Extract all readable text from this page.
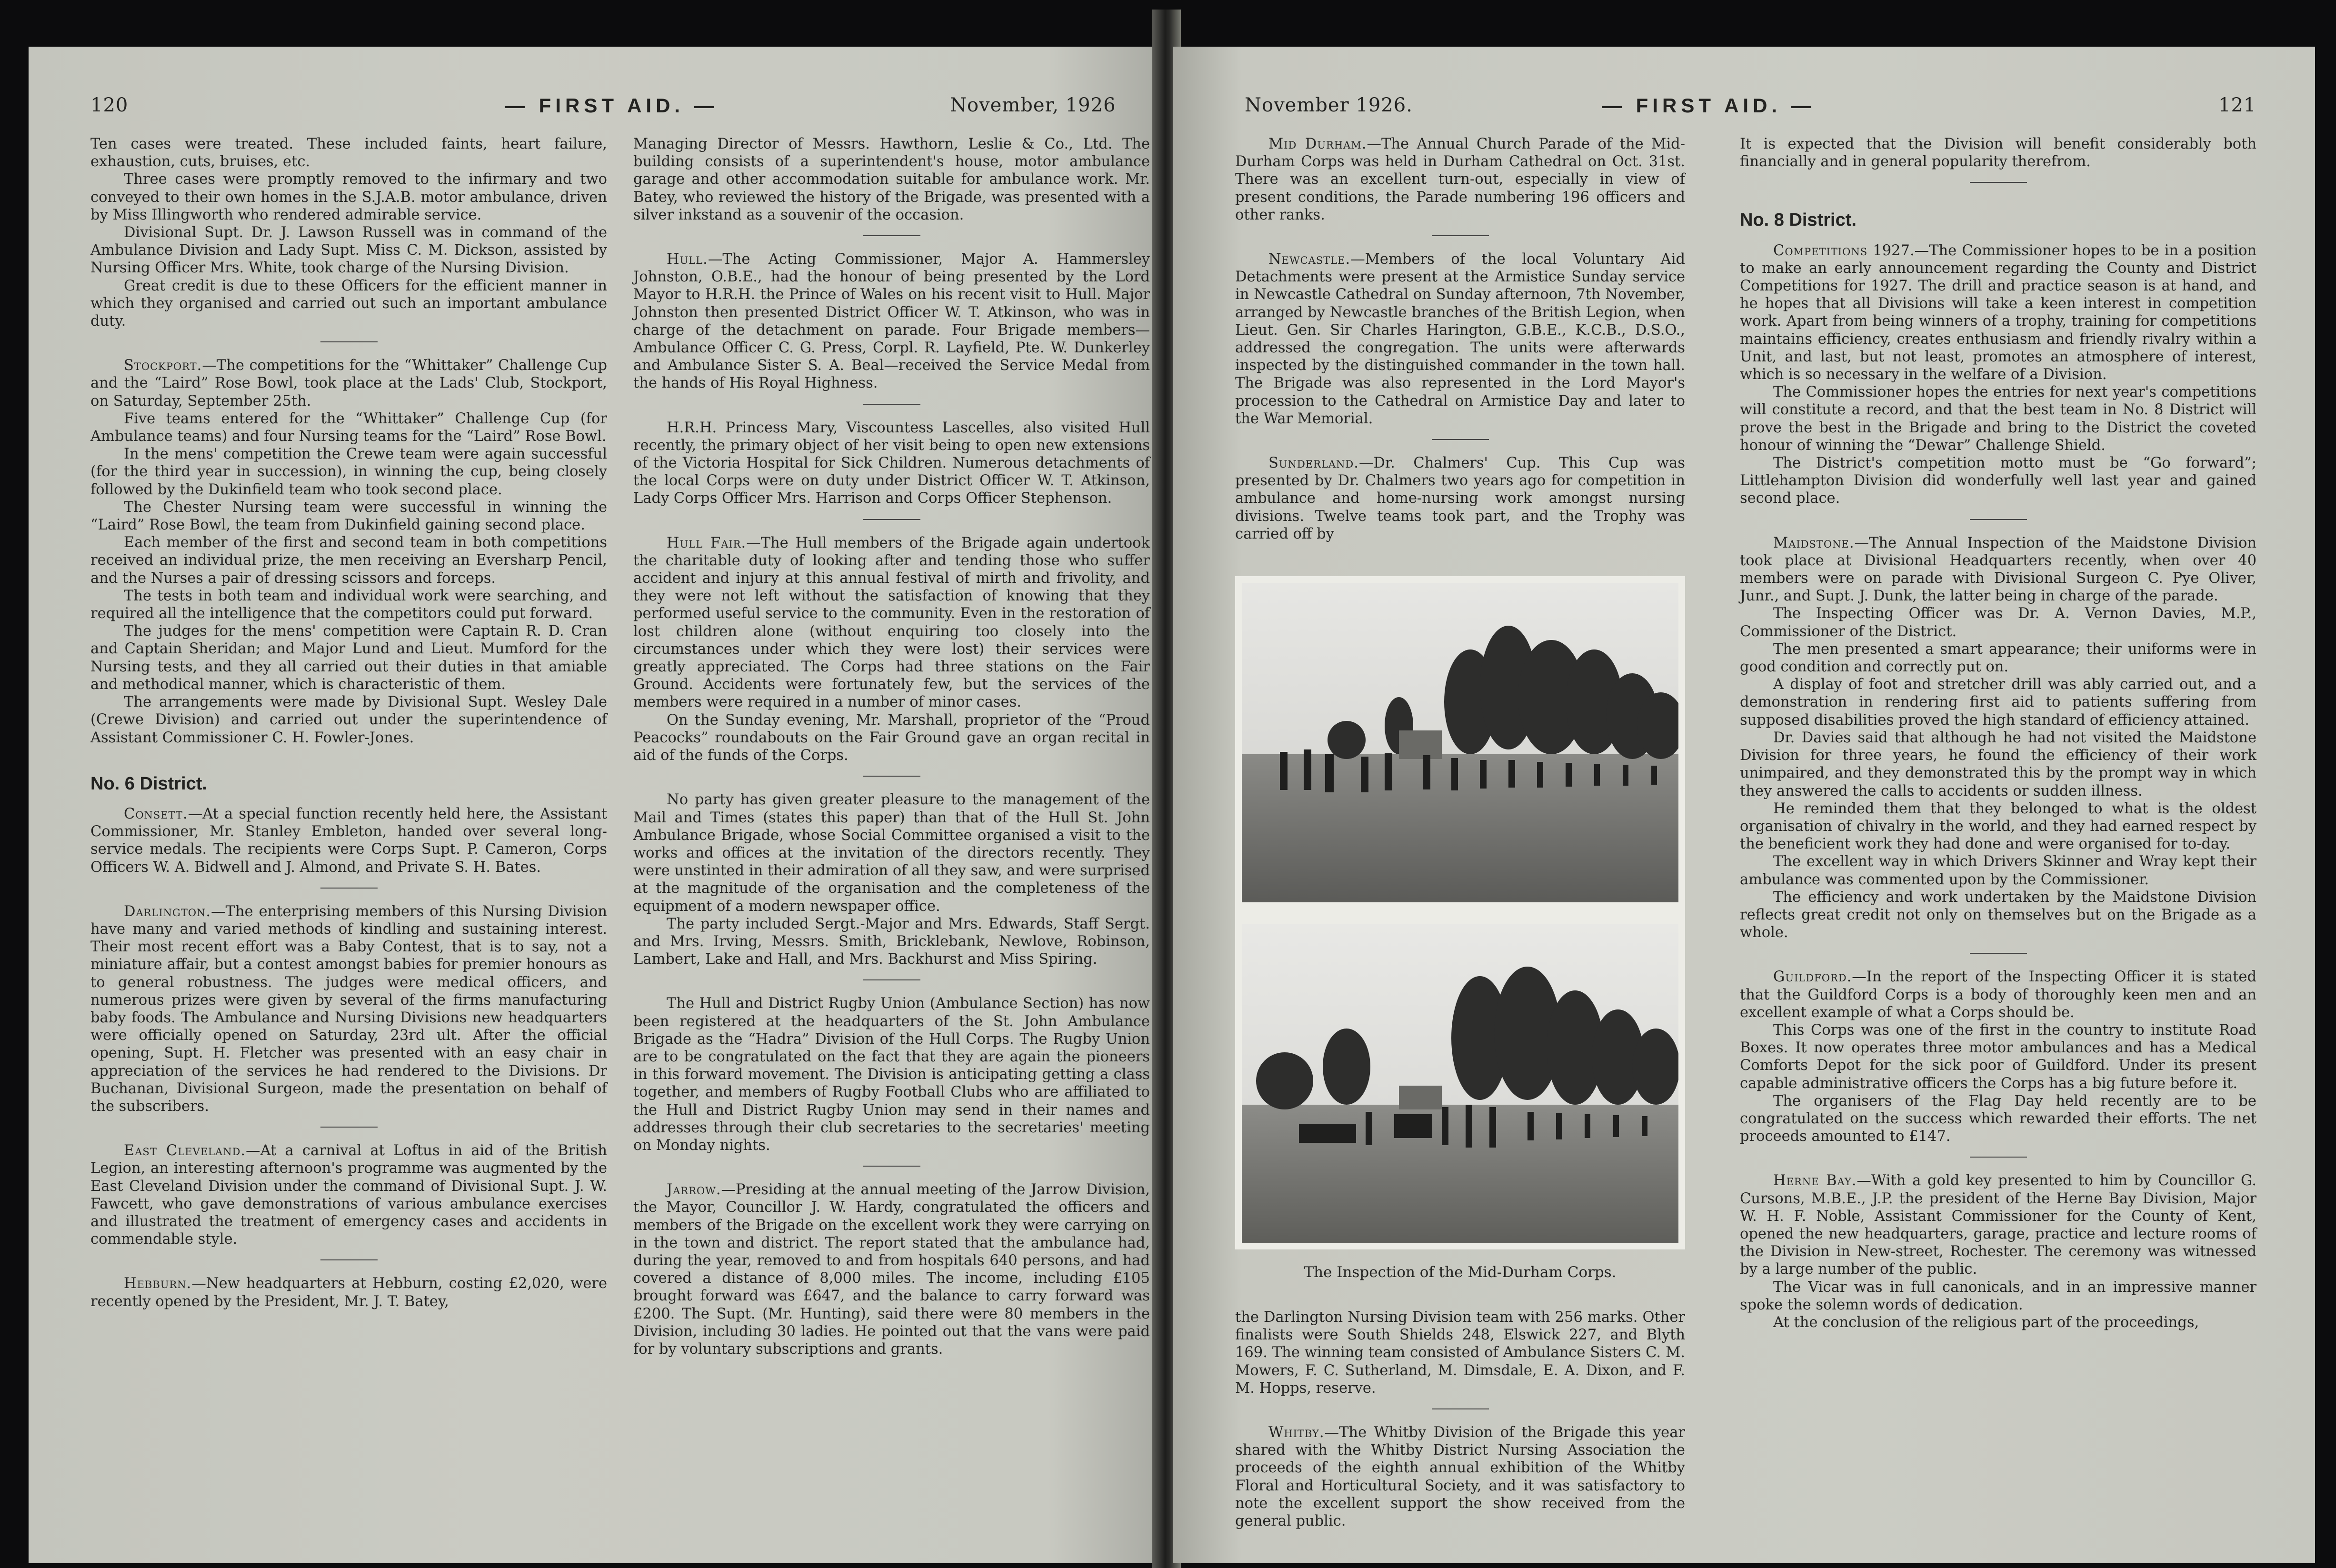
120	— FIRST AID. —	November, 1926

Ten cases were treated. These included faints, heart failure, exhaustion, cuts, bruises, etc.

Three cases were promptly removed to the infirmary and two conveyed to their own homes in the S.J.A.B. motor ambulance, driven by Miss Illingworth who rendered admirable service.

Divisional Supt. Dr. J. Lawson Russell was in command of the Ambulance Division and Lady Supt. Miss C. M. Dickson, assisted by Nursing Officer Mrs. White, took charge of the Nursing Division.

Great credit is due to these Officers for the efficient manner in which they organised and carried out such an important ambulance duty.

Stockport.—The competitions for the “Whittaker” Challenge Cup and the “Laird” Rose Bowl, took place at the Lads' Club, Stockport, on Saturday, September 25th.

Five teams entered for the “Whittaker” Challenge Cup (for Ambulance teams) and four Nursing teams for the “Laird” Rose Bowl.

In the mens' competition the Crewe team were again successful (for the third year in succession), in winning the cup, being closely followed by the Dukinfield team who took second place.

The Chester Nursing team were successful in winning the “Laird” Rose Bowl, the team from Dukinfield gaining second place.

Each member of the first and second team in both competitions received an individual prize, the men receiving an Eversharp Pencil, and the Nurses a pair of dressing scissors and forceps.

The tests in both team and individual work were searching, and required all the intelligence that the competitors could put forward.

The judges for the mens' competition were Captain R. D. Cran and Captain Sheridan; and Major Lund and Lieut. Mumford for the Nursing tests, and they all carried out their duties in that amiable and methodical manner, which is characteristic of them.

The arrangements were made by Divisional Supt. Wesley Dale (Crewe Division) and carried out under the superintendence of Assistant Commissioner C. H. Fowler-Jones.

No. 6 District.

Consett.—At a special function recently held here, the Assistant Commissioner, Mr. Stanley Embleton, handed over several long-service medals. The recipients were Corps Supt. P. Cameron, Corps Officers W. A. Bidwell and J. Almond, and Private S. H. Bates.

Darlington.—The enterprising members of this Nursing Division have many and varied methods of kindling and sustaining interest. Their most recent effort was a Baby Contest, that is to say, not a miniature affair, but a contest amongst babies for premier honours as to general robustness. The judges were medical officers, and numerous prizes were given by several of the firms manufacturing baby foods. The Ambulance and Nursing Divisions new headquarters were officially opened on Saturday, 23rd ult. After the official opening, Supt. H. Fletcher was presented with an easy chair in appreciation of the services he had rendered to the Divisions. Dr Buchanan, Divisional Surgeon, made the presentation on behalf of the subscribers.

East Cleveland.—At a carnival at Loftus in aid of the British Legion, an interesting afternoon's programme was augmented by the East Cleveland Division under the command of Divisional Supt. J. W. Fawcett, who gave demonstrations of various ambulance exercises and illustrated the treatment of emergency cases and accidents in commendable style.

Hebburn.—New headquarters at Hebburn, costing £2,020, were recently opened by the President, Mr. J. T. Batey,

Managing Director of Messrs. Hawthorn, Leslie & Co., Ltd. The building consists of a superintendent's house, motor ambulance garage and other accommodation suitable for ambulance work. Mr. Batey, who reviewed the history of the Brigade, was presented with a silver inkstand as a souvenir of the occasion.

Hull.—The Acting Commissioner, Major A. Hammersley Johnston, O.B.E., had the honour of being presented by the Lord Mayor to H.R.H. the Prince of Wales on his recent visit to Hull. Major Johnston then presented District Officer W. T. Atkinson, who was in charge of the detachment on parade. Four Brigade members—Ambulance Officer C. G. Press, Corpl. R. Layfield, Pte. W. Dunkerley and Ambulance Sister S. A. Beal—received the Service Medal from the hands of His Royal Highness.

H.R.H. Princess Mary, Viscountess Lascelles, also visited Hull recently, the primary object of her visit being to open new extensions of the Victoria Hospital for Sick Children. Numerous detachments of the local Corps were on duty under District Officer W. T. Atkinson, Lady Corps Officer Mrs. Harrison and Corps Officer Stephenson.

Hull Fair.—The Hull members of the Brigade again undertook the charitable duty of looking after and tending those who suffer accident and injury at this annual festival of mirth and frivolity, and they were not left without the satisfaction of knowing that they performed useful service to the community. Even in the restoration of lost children alone (without enquiring too closely into the circumstances under which they were lost) their services were greatly appreciated. The Corps had three stations on the Fair Ground. Accidents were fortunately few, but the services of the members were required in a number of minor cases.

On the Sunday evening, Mr. Marshall, proprietor of the “Proud Peacocks” roundabouts on the Fair Ground gave an organ recital in aid of the funds of the Corps.

No party has given greater pleasure to the management of the Mail and Times (states this paper) than that of the Hull St. John Ambulance Brigade, whose Social Committee organised a visit to the works and offices at the invitation of the directors recently. They were unstinted in their admiration of all they saw, and were surprised at the magnitude of the organisation and the completeness of the equipment of a modern newspaper office.

The party included Sergt.-Major and Mrs. Edwards, Staff Sergt. and Mrs. Irving, Messrs. Smith, Bricklebank, Newlove, Robinson, Lambert, Lake and Hall, and Mrs. Backhurst and Miss Spiring.

The Hull and District Rugby Union (Ambulance Section) has now been registered at the headquarters of the St. John Ambulance Brigade as the “Hadra” Division of the Hull Corps. The Rugby Union are to be congratulated on the fact that they are again the pioneers in this forward movement. The Division is anticipating getting a class together, and members of Rugby Football Clubs who are affiliated to the Hull and District Rugby Union may send in their names and addresses through their club secretaries to the secretaries' meeting on Monday nights.

Jarrow.—Presiding at the annual meeting of the Jarrow Division, the Mayor, Councillor J. W. Hardy, congratulated the officers and members of the Brigade on the excellent work they were carrying on in the town and district. The report stated that the ambulance had, during the year, removed to and from hospitals 640 persons, and had covered a distance of 8,000 miles. The income, including £105 brought forward was £647, and the balance to carry forward was £200. The Supt. (Mr. Hunting), said there were 80 members in the Division, including 30 ladies. He pointed out that the vans were paid for by voluntary subscriptions and grants.

November 1926.	— FIRST AID. —	121

Mid Durham.—The Annual Church Parade of the Mid-Durham Corps was held in Durham Cathedral on Oct. 31st. There was an excellent turn-out, especially in view of present conditions, the Parade numbering 196 officers and other ranks.

Newcastle.—Members of the local Voluntary Aid Detachments were present at the Armistice Sunday service in Newcastle Cathedral on Sunday afternoon, 7th November, arranged by Newcastle branches of the British Legion, when Lieut. Gen. Sir Charles Harington, G.B.E., K.C.B., D.S.O., addressed the congregation. The units were afterwards inspected by the distinguished commander in the town hall. The Brigade was also represented in the Lord Mayor's procession to the Cathedral on Armistice Day and later to the War Memorial.

Sunderland.—Dr. Chalmers' Cup. This Cup was presented by Dr. Chalmers two years ago for competition in ambulance and home-nursing work amongst nursing divisions. Twelve teams took part, and the Trophy was carried off by

The Inspection of the Mid-Durham Corps.

the Darlington Nursing Division team with 256 marks. Other finalists were South Shields 248, Elswick 227, and Blyth 169. The winning team consisted of Ambulance Sisters C. M. Mowers, F. C. Sutherland, M. Dimsdale, E. A. Dixon, and F. M. Hopps, reserve.

Whitby.—The Whitby Division of the Brigade this year shared with the Whitby District Nursing Association the proceeds of the eighth annual exhibition of the Whitby Floral and Horticultural Society, and it was satisfactory to note the excellent support the show received from the general public.

It is expected that the Division will benefit considerably both financially and in general popularity therefrom.

No. 8 District.

Competitions 1927.—The Commissioner hopes to be in a position to make an early announcement regarding the County and District Competitions for 1927. The drill and practice season is at hand, and he hopes that all Divisions will take a keen interest in competition work. Apart from being winners of a trophy, training for competitions maintains efficiency, creates enthusiasm and friendly rivalry within a Unit, and last, but not least, promotes an atmosphere of interest, which is so necessary in the welfare of a Division.

The Commissioner hopes the entries for next year's competitions will constitute a record, and that the best team in No. 8 District will prove the best in the Brigade and bring to the District the coveted honour of winning the “Dewar” Challenge Shield.

The District's competition motto must be “Go forward”; Littlehampton Division did wonderfully well last year and gained second place.

Maidstone.—The Annual Inspection of the Maidstone Division took place at Divisional Headquarters recently, when over 40 members were on parade with Divisional Surgeon C. Pye Oliver, Junr., and Supt. J. Dunk, the latter being in charge of the parade.

The Inspecting Officer was Dr. A. Vernon Davies, M.P., Commissioner of the District.

The men presented a smart appearance; their uniforms were in good condition and correctly put on.

A display of foot and stretcher drill was ably carried out, and a demonstration in rendering first aid to patients suffering from supposed disabilities proved the high standard of efficiency attained.

Dr. Davies said that although he had not visited the Maidstone Division for three years, he found the efficiency of their work unimpaired, and they demonstrated this by the prompt way in which they answered the calls to accidents or sudden illness.

He reminded them that they belonged to what is the oldest organisation of chivalry in the world, and they had earned respect by the beneficient work they had done and were organised for to-day.

The excellent way in which Drivers Skinner and Wray kept their ambulance was commented upon by the Commissioner.

The efficiency and work undertaken by the Maidstone Division reflects great credit not only on themselves but on the Brigade as a whole.

Guildford.—In the report of the Inspecting Officer it is stated that the Guildford Corps is a body of thoroughly keen men and an excellent example of what a Corps should be.

This Corps was one of the first in the country to institute Road Boxes. It now operates three motor ambulances and has a Medical Comforts Depot for the sick poor of Guildford. Under its present capable administrative officers the Corps has a big future before it.

The organisers of the Flag Day held recently are to be congratulated on the success which rewarded their efforts. The net proceeds amounted to £147.

Herne Bay.—With a gold key presented to him by Councillor G. Cursons, M.B.E., J.P. the president of the Herne Bay Division, Major W. H. F. Noble, Assistant Commissioner for the County of Kent, opened the new headquarters, garage, practice and lecture rooms of the Division in New-street, Rochester. The ceremony was witnessed by a large number of the public.

The Vicar was in full canonicals, and in an impressive manner spoke the solemn words of dedication.

At the conclusion of the religious part of the proceedings,
